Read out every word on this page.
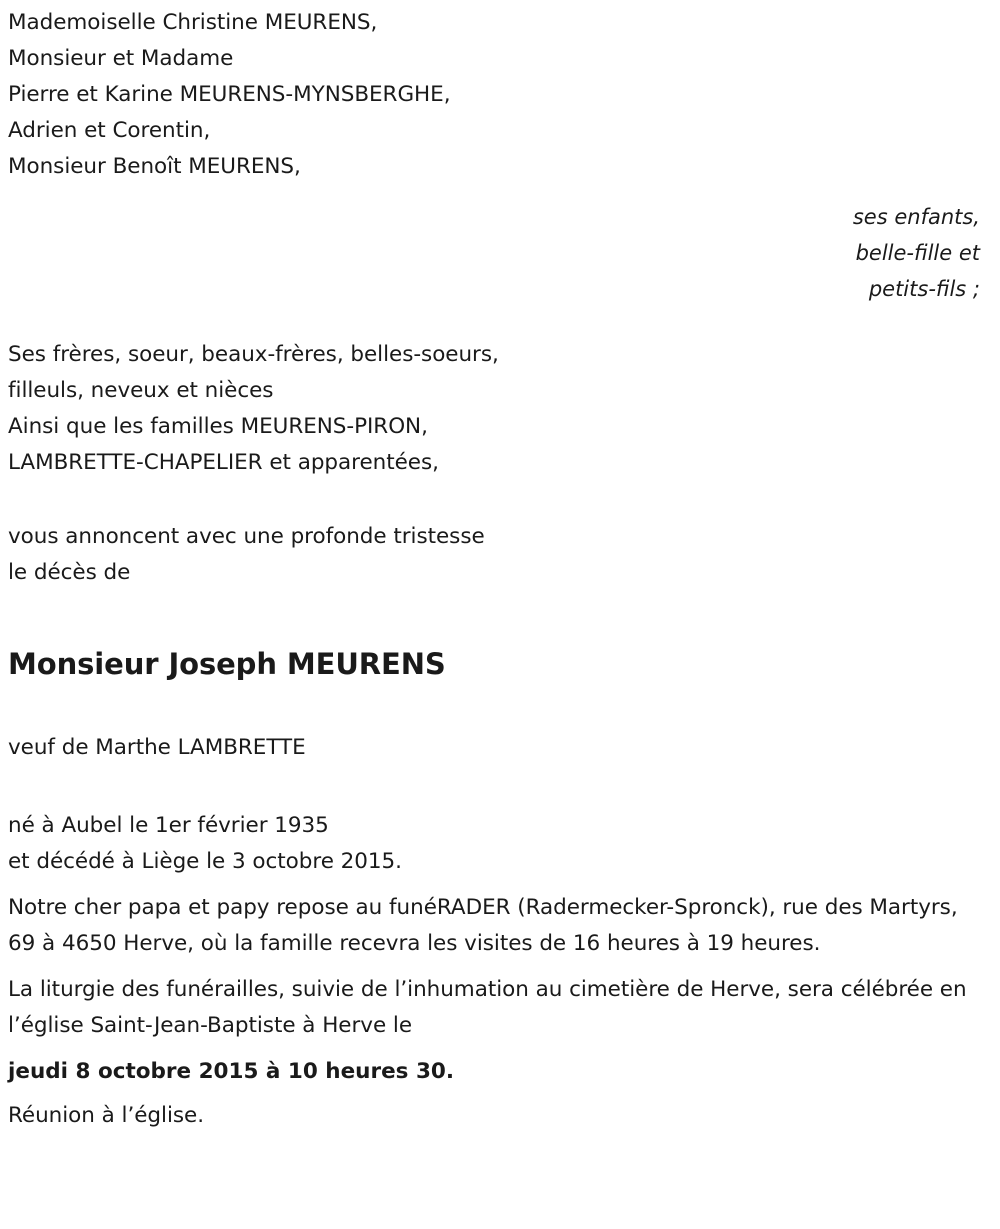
Mademoiselle Christine MEURENS,
Monsieur et Madame
Pierre et Karine MEURENS-MYNSBERGHE,
Adrien et Corentin,
Monsieur Benoît MEURENS,
ses enfants,
belle-fille et
petits-fils ;
Ses frères, soeur, beaux-frères, belles-soeurs,
filleuls, neveux et nièces
Ainsi que les familles MEURENS-PIRON,
LAMBRETTE-CHAPELIER et apparentées,
vous annoncent avec une profonde tristesse
le décès de
Monsieur Joseph MEURENS
veuf de Marthe LAMBRETTE
né à Aubel le 1er février 1935
et décédé à Liège le 3 octobre 2015.
Notre cher papa et papy repose au funéRADER (Radermecker-Spronck), rue des Martyrs, 69 à 4650 Herve, où la famille recevra les visites de 16 heures à 19 heures.
La liturgie des funérailles, suivie de l’inhumation au cimetière de Herve, sera célébrée en l’église Saint-Jean-Baptiste à Herve le
jeudi 8 octobre 2015 à 10 heures 30.
Réunion à l’église.
